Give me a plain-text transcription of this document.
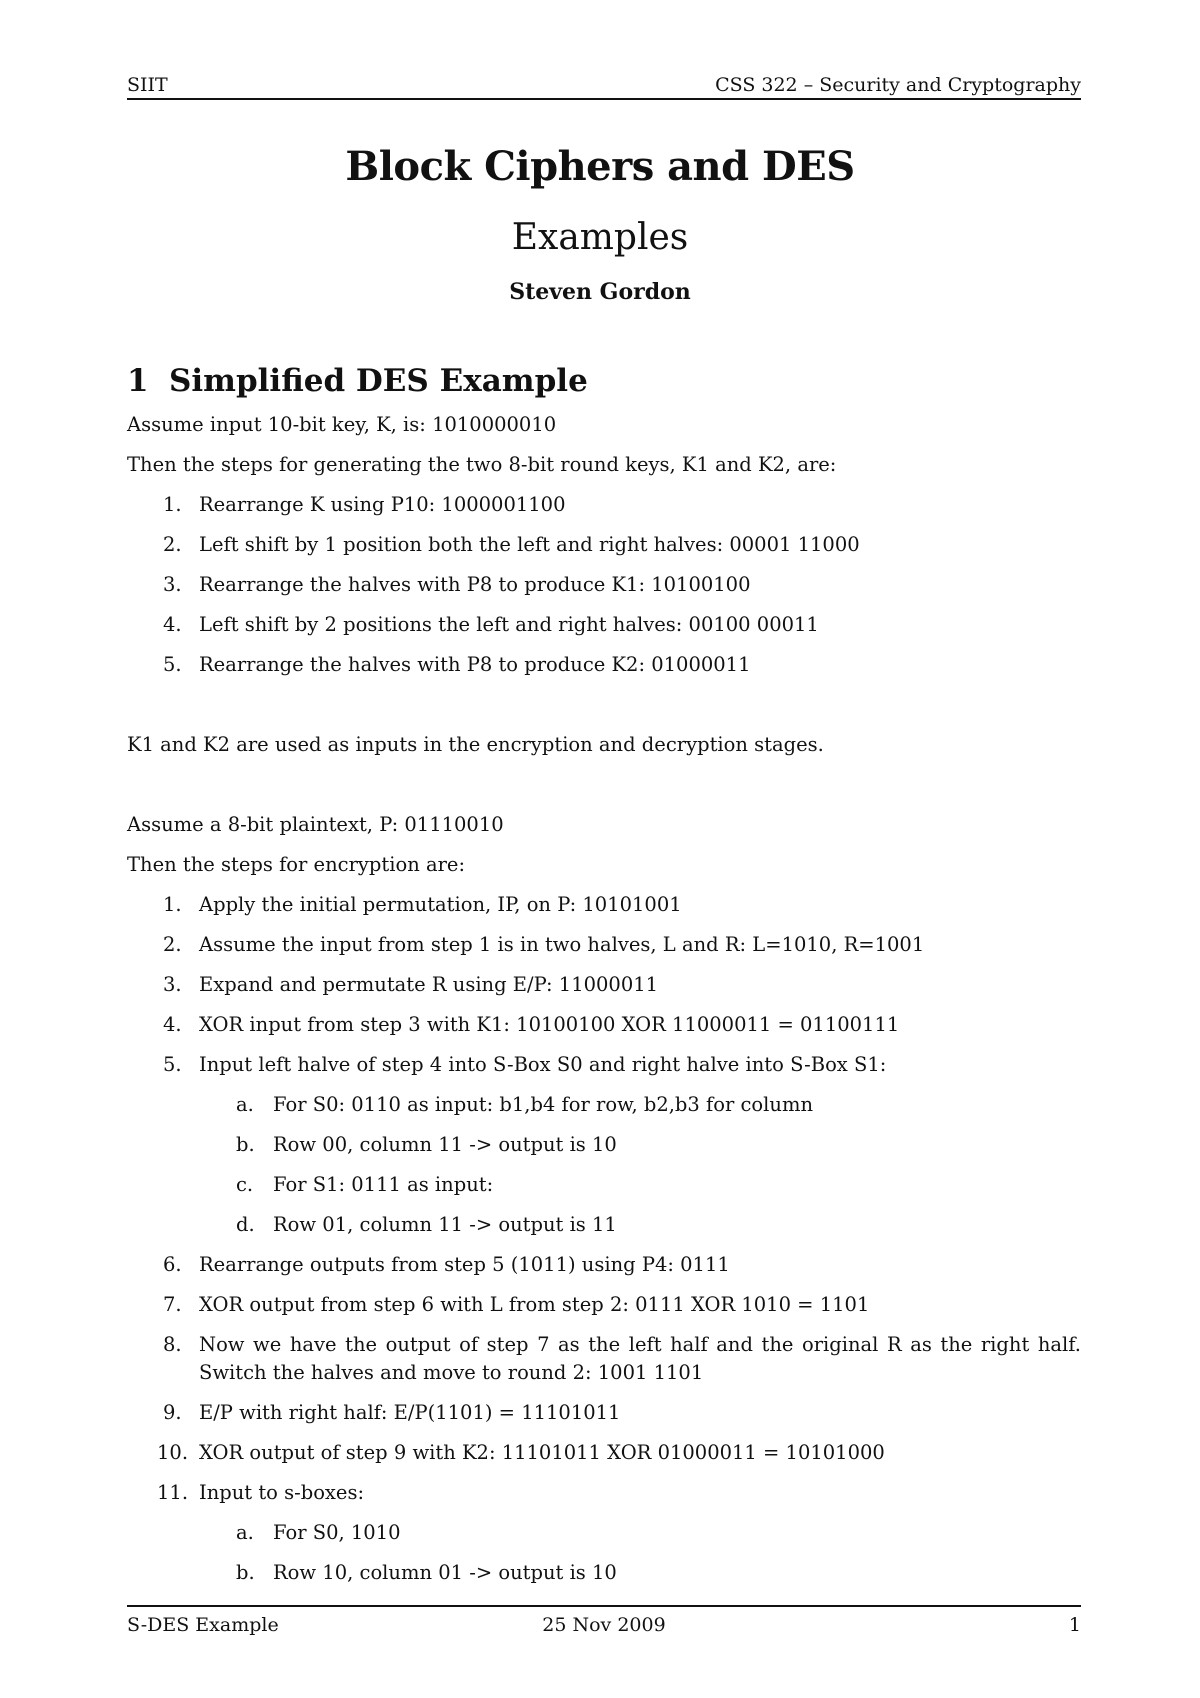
SIIT	CSS 322 – Security and Cryptography
Block Ciphers and DES
Examples
Steven Gordon
1 Simplified DES Example

Assume input 10-bit key, K, is: 1010000010

Then the steps for generating the two 8-bit round keys, K1 and K2, are:

1. Rearrange K using P10: 1000001100
2. Left shift by 1 position both the left and right halves: 00001 11000
3. Rearrange the halves with P8 to produce K1: 10100100
4. Left shift by 2 positions the left and right halves: 00100 00011
5. Rearrange the halves with P8 to produce K2: 01000011

K1 and K2 are used as inputs in the encryption and decryption stages.

Assume a 8-bit plaintext, P: 01110010

Then the steps for encryption are:

1. Apply the initial permutation, IP, on P: 10101001
2. Assume the input from step 1 is in two halves, L and R: L=1010, R=1001
3. Expand and permutate R using E/P: 11000011
4. XOR input from step 3 with K1: 10100100 XOR 11000011 = 01100111
5. Input left halve of step 4 into S-Box S0 and right halve into S-Box S1:
a. For S0: 0110 as input: b1,b4 for row, b2,b3 for column
b. Row 00, column 11 -> output is 10
c. For S1: 0111 as input:
d. Row 01, column 11 -> output is 11
6. Rearrange outputs from step 5 (1011) using P4: 0111
7. XOR output from step 6 with L from step 2: 0111 XOR 1010 = 1101
8. Now we have the output of step 7 as the left half and the original R as the right half. Switch the halves and move to round 2: 1001 1101
9. E/P with right half: E/P(1101) = 11101011
10. XOR output of step 9 with K2: 11101011 XOR 01000011 = 10101000
11. Input to s-boxes:
a. For S0, 1010
b. Row 10, column 01 -> output is 10
S-DES Example	25 Nov 2009	1
